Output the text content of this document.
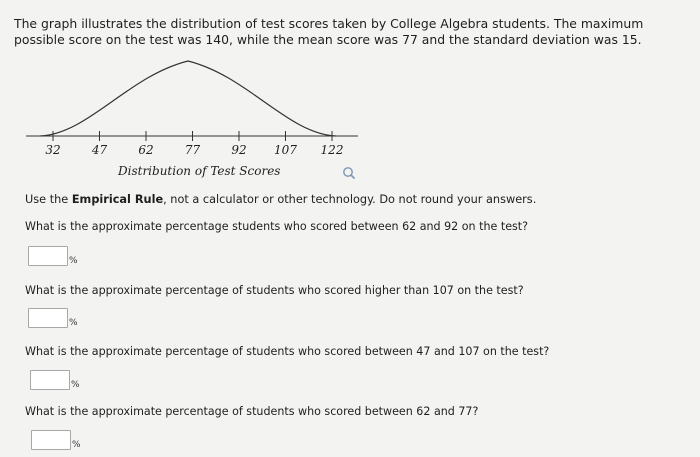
The graph illustrates the distribution of test scores taken by College Algebra students. The maximum possible score on the test was 140, while the mean score was 77 and the standard deviation was 15.

32	47	62	77	92 107 122
Distribution of Test Scores

Use the Empirical Rule, not a calculator or other technology. Do not round your answers.

What is the approximate percentage students who scored between 62 and 92 on the test?

%

What is the approximate percentage of students who scored higher than 107 on the test?

%

What is the approximate percentage of students who scored between 47 and 107 on the test?

%

What is the approximate percentage of students who scored between 62 and 77?

%
